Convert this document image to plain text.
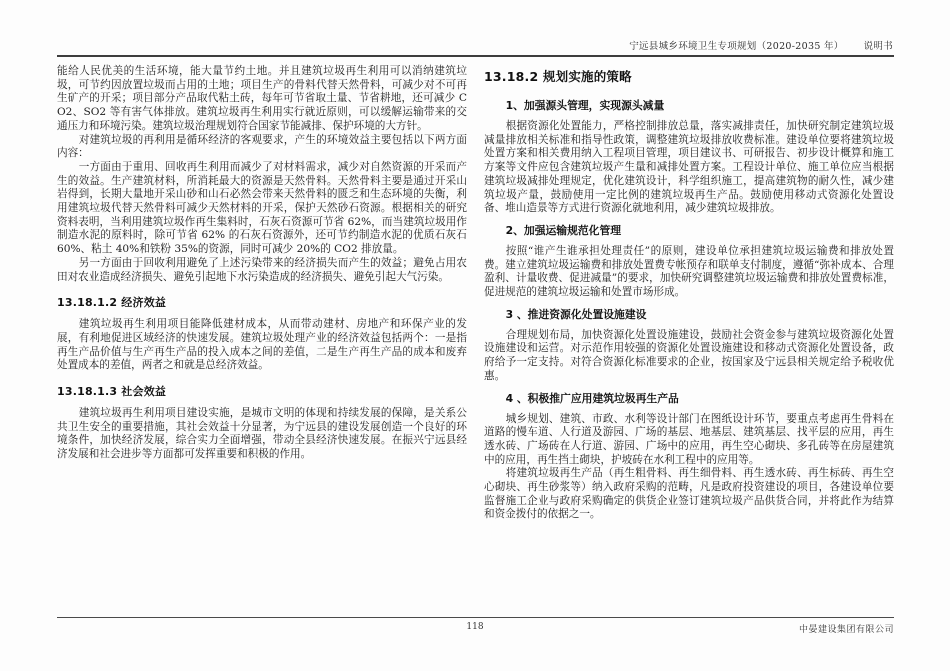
宁远县城乡环境卫生专项规划（2020-2035 年） 说明书

能给人民优美的生活环境，能大量节约土地。并且建筑垃圾再生利用可以消纳建筑垃圾，可节约因放置垃圾而占用的土地；项目生产的骨料代替天然骨料，可减少对不可再生矿产的开采；项目部分产品取代粘土砖，每年可节省取土量、节省耕地，还可减少 CO2、SO2 等有害气体排放。建筑垃圾再生利用实行就近原则，可以缓解运输带来的交通压力和环境污染。建筑垃圾治理规划符合国家节能减排、保护环境的大方针。

对建筑垃圾的再利用是循环经济的客观要求，产生的环境效益主要包括以下两方面内容：

一方面由于重用、回收再生利用而减少了对材料需求，减少对自然资源的开采而产生的效益。生产建筑材料，所消耗最大的资源是天然骨料。天然骨料主要是通过开采山岩得到，长期大量地开采山砂和山石必然会带来天然骨料的匮乏和生态环境的失衡，利用建筑垃圾代替天然骨料可减少天然材料的开采，保护天然砂石资源。根据相关的研究资料表明，当利用建筑垃圾作再生集料时，石灰石资源可节省 62%，而当建筑垃圾用作制造水泥的原料时，除可节省 62% 的石灰石资源外，还可节约制造水泥的优质石灰石 60%、粘土 40%和铁粉 35%的资源，同时可减少 20%的 CO2 排放量。

另一方面由于回收利用避免了上述污染带来的经济损失而产生的效益；避免占用农田对农业造成经济损失、避免引起地下水污染造成的经济损失、避免引起大气污染。

13.18.1.2 经济效益

建筑垃圾再生利用项目能降低建材成本，从而带动建材、房地产和环保产业的发展，有利地促进区域经济的快速发展。建筑垃圾处理产业的经济效益包括两个：一是指再生产品价值与生产再生产品的投入成本之间的差值，二是生产再生产品的成本和废弃处置成本的差值，两者之和就是总经济效益。

13.18.1.3 社会效益

建筑垃圾再生利用项目建设实施，是城市文明的体现和持续发展的保障，是关系公共卫生安全的重要措施，其社会效益十分显著，为宁远县的建设发展创造一个良好的环境条件，加快经济发展，综合实力全面增强，带动全县经济快速发展。在振兴宁远县经济发展和社会进步等方面都可发挥重要和积极的作用。

13.18.2 规划实施的策略
1、加强源头管理，实现源头减量

根据资源化处置能力，严格控制排放总量，落实减排责任，加快研究制定建筑垃圾减量排放相关标准和指导性政策，调整建筑垃圾排放收费标准。建设单位要将建筑垃圾处置方案和相关费用纳入工程项目管理，项目建议书、可研报告、初步设计概算和施工方案等文件应包含建筑垃圾产生量和减排处置方案。工程设计单位、施工单位应当根据建筑垃圾减排处理规定，优化建筑设计，科学组织施工，提高建筑物的耐久性，减少建筑垃圾产量，鼓励使用一定比例的建筑垃圾再生产品。鼓励使用移动式资源化处置设备、堆山造景等方式进行资源化就地利用，减少建筑垃圾排放。

2、加强运输规范化管理

按照“谁产生谁承担处理责任”的原则，建设单位承担建筑垃圾运输费和排放处置费。建立建筑垃圾运输费和排放处置费专帐预存和联单支付制度，遵循“弥补成本、合理盈利、计量收费、促进减量”的要求，加快研究调整建筑垃圾运输费和排放处置费标准，促进规范的建筑垃圾运输和处置市场形成。

3 、推进资源化处置设施建设

合理规划布局，加快资源化处置设施建设，鼓励社会资金参与建筑垃圾资源化处置设施建设和运营。对示范作用较强的资源化处置设施建设和移动式资源化处置设备，政府给予一定支持。对符合资源化标准要求的企业，按国家及宁远县相关规定给予税收优惠。

4 、积极推广应用建筑垃圾再生产品

城乡规划、建筑、市政、水利等设计部门在图纸设计环节，要重点考虑再生骨料在道路的慢车道、人行道及游园、广场的基层、地基层、建筑基层、找平层的应用，再生透水砖、广场砖在人行道、游园、广场中的应用，再生空心砌块、多孔砖等在房屋建筑中的应用，再生挡土砌块，护坡砖在水利工程中的应用等。

将建筑垃圾再生产品（再生粗骨料、再生细骨料、再生透水砖、再生标砖、再生空心砌块、再生砂浆等）纳入政府采购的范畴，凡是政府投资建设的项目，各建设单位要监督施工企业与政府采购确定的供货企业签订建筑垃圾产品供货合同，并将此作为结算和资金拨付的依据之一。

118	中晏建设集团有限公司
